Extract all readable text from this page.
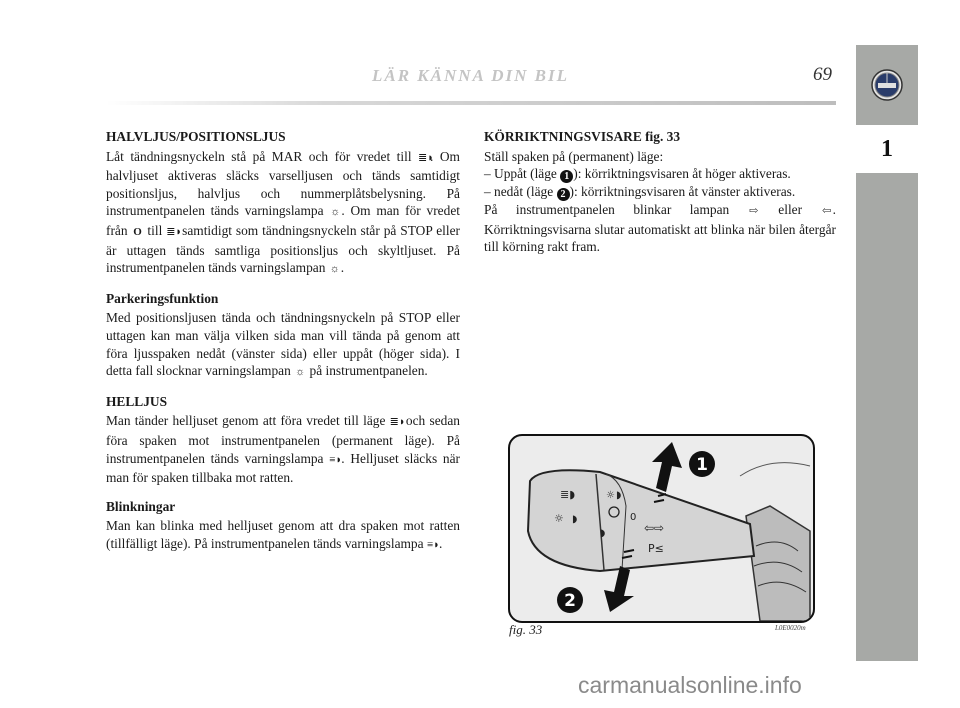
LÄR KÄNNA DIN BIL	69
1
HALVLJUS/POSITIONSLJUS

Låt tändningsnyckeln stå på MAR och för vredet till ≣◗. Om halvljuset aktiveras släcks varselljusen och tänds samtidigt positionsljus, halvljus och nummerplåtsbelysning. På instrumentpanelen tänds varningslampa ☼. Om man för vredet från O till ≣◗ samtidigt som tändningsnyckeln står på STOP eller är uttagen tänds samtliga positionsljus och skyltljuset. På instrumentpanelen tänds varningslampan ☼.

Parkeringsfunktion

Med positionsljusen tända och tändningsnyckeln på STOP eller uttagen kan man välja vilken sida man vill tända på genom att föra ljusspaken nedåt (vänster sida) eller uppåt (höger sida). I detta fall slocknar varningslampan ☼ på instrumentpanelen.

HELLJUS

Man tänder helljuset genom att föra vredet till läge ≣◗ och sedan föra spaken mot instrumentpanelen (permanent läge). På instrumentpanelen tänds varningslampa ≡◗. Helljuset släcks när man för spaken tillbaka mot ratten.

Blinkningar

Man kan blinka med helljuset genom att dra spaken mot ratten (tillfälligt läge). På instrumentpanelen tänds varningslampa ≡◗.

KÖRRIKTNINGSVISARE fig. 33

Ställ spaken på (permanent) läge:

– Uppåt (läge 1 ): körriktningsvisaren åt höger aktiveras.

– nedåt (läge 2 ): körriktningsvisaren åt vänster aktiveras.

På instrumentpanelen blinkar lampan ⇨ eller ⇦. Körriktningsvisarna slutar automatiskt att blinka när bilen återgår till körning rakt fram.

≣◗
☼ ◗
☼ ◗
◗
0
⇦⇨
P≤
1
2
fig. 33	L0E0020m
carmanualsonline.info
